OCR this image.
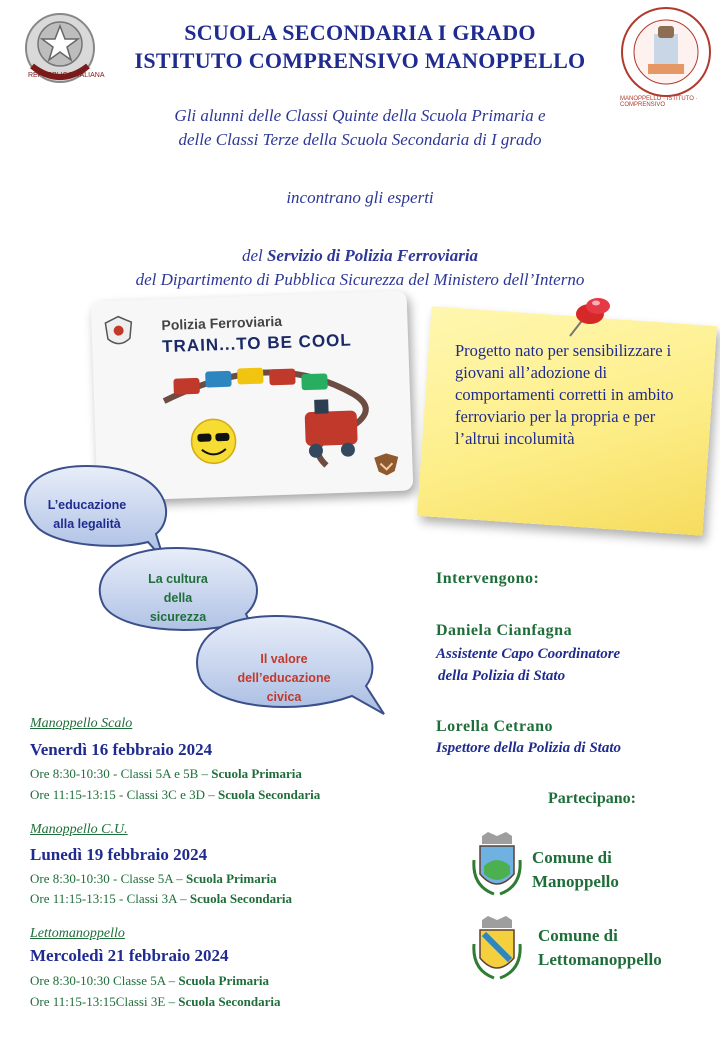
REPUBBLICA ITALIANA
MANOPPELLO · ISTITUTO · COMPRENSIVO
SCUOLA SECONDARIA I GRADO
ISTITUTO COMPRENSIVO MANOPPELLO
Gli alunni delle Classi Quinte della Scuola Primaria e
delle Classi Terze della Scuola Secondaria di I grado
incontrano gli esperti
del Servizio di Polizia Ferroviaria
del Dipartimento di Pubblica Sicurezza del Ministero dell’Interno
Polizia Ferroviaria
TRAIN...TO BE COOL	Progetto nato per sensibilizzare i giovani all’adozione di comportamenti corretti in ambito ferroviario per la propria e per l’altrui incolumità
L’educazione
alla legalità
La cultura
della
sicurezza
Il valore
dell’educazione
civica
Intervengono:
Daniela Cianfagna
Assistente Capo Coordinatore
della Polizia di Stato
Lorella Cetrano
Ispettore della Polizia di Stato
Partecipano:
Comune di
Manoppello
Comune di
Lettomanoppello
Manoppello Scalo
Venerdì 16 febbraio 2024
Ore 8:30-10:30 - Classi 5A e 5B – Scuola Primaria
Ore 11:15-13:15 - Classi 3C e 3D – Scuola Secondaria
Manoppello C.U.
Lunedì 19 febbraio 2024
Ore 8:30-10:30 - Classe 5A – Scuola Primaria
Ore 11:15-13:15 - Classi 3A – Scuola Secondaria
Lettomanoppello
Mercoledì 21 febbraio 2024
Ore 8:30-10:30 Classe 5A – Scuola Primaria
Ore 11:15-13:15Classi 3E – Scuola Secondaria
